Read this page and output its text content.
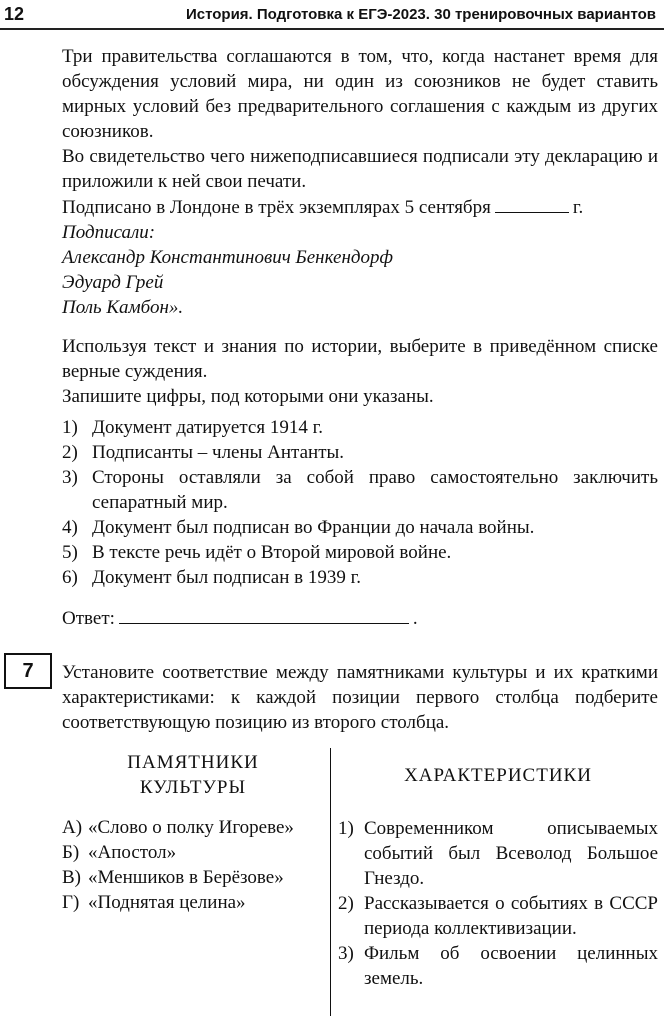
12	История. Подготовка к ЕГЭ-2023. 30 тренировочных вариантов

Три правительства соглашаются в том, что, когда настанет время для обсуждения условий мира, ни один из союзников не будет ставить мирных условий без предварительного соглашения с каждым из других союзников.

Во свидетельство чего нижеподписавшиеся подписали эту декларацию и приложили к ней свои печати.

Подписано в Лондоне в трёх экземплярах 5 сентября	г.

Подписали:

Александр Константинович Бенкендорф

Эдуард Грей

Поль Камбон».

Используя текст и знания по истории, выберите в приведённом списке верные суждения.

Запишите цифры, под которыми они указаны.

1) Документ датируется 1914 г.
2) Подписанты – члены Антанты.
3) Стороны оставляли за собой право самостоятельно заключить сепаратный мир.
4) Документ был подписан во Франции до начала войны.
5) В тексте речь идёт о Второй мировой войне.
6) Документ был подписан в 1939 г.

Ответ:	.

7	Установите соответствие между памятниками культуры и их краткими характеристиками: к каждой позиции первого столбца подберите соответствующую позицию из второго столбца.

ПАМЯТНИКИ
КУЛЬТУРЫ
А) «Слово о полку Игореве»
Б) «Апостол»
В) «Меншиков в Берёзове»
Г) «Поднятая целина»
ХАРАКТЕРИСТИКИ
1) Современником описываемых событий был Всеволод Большое Гнездо.
2) Рассказывается о событиях в СССР периода коллективизации.
3) Фильм об освоении целинных земель.
